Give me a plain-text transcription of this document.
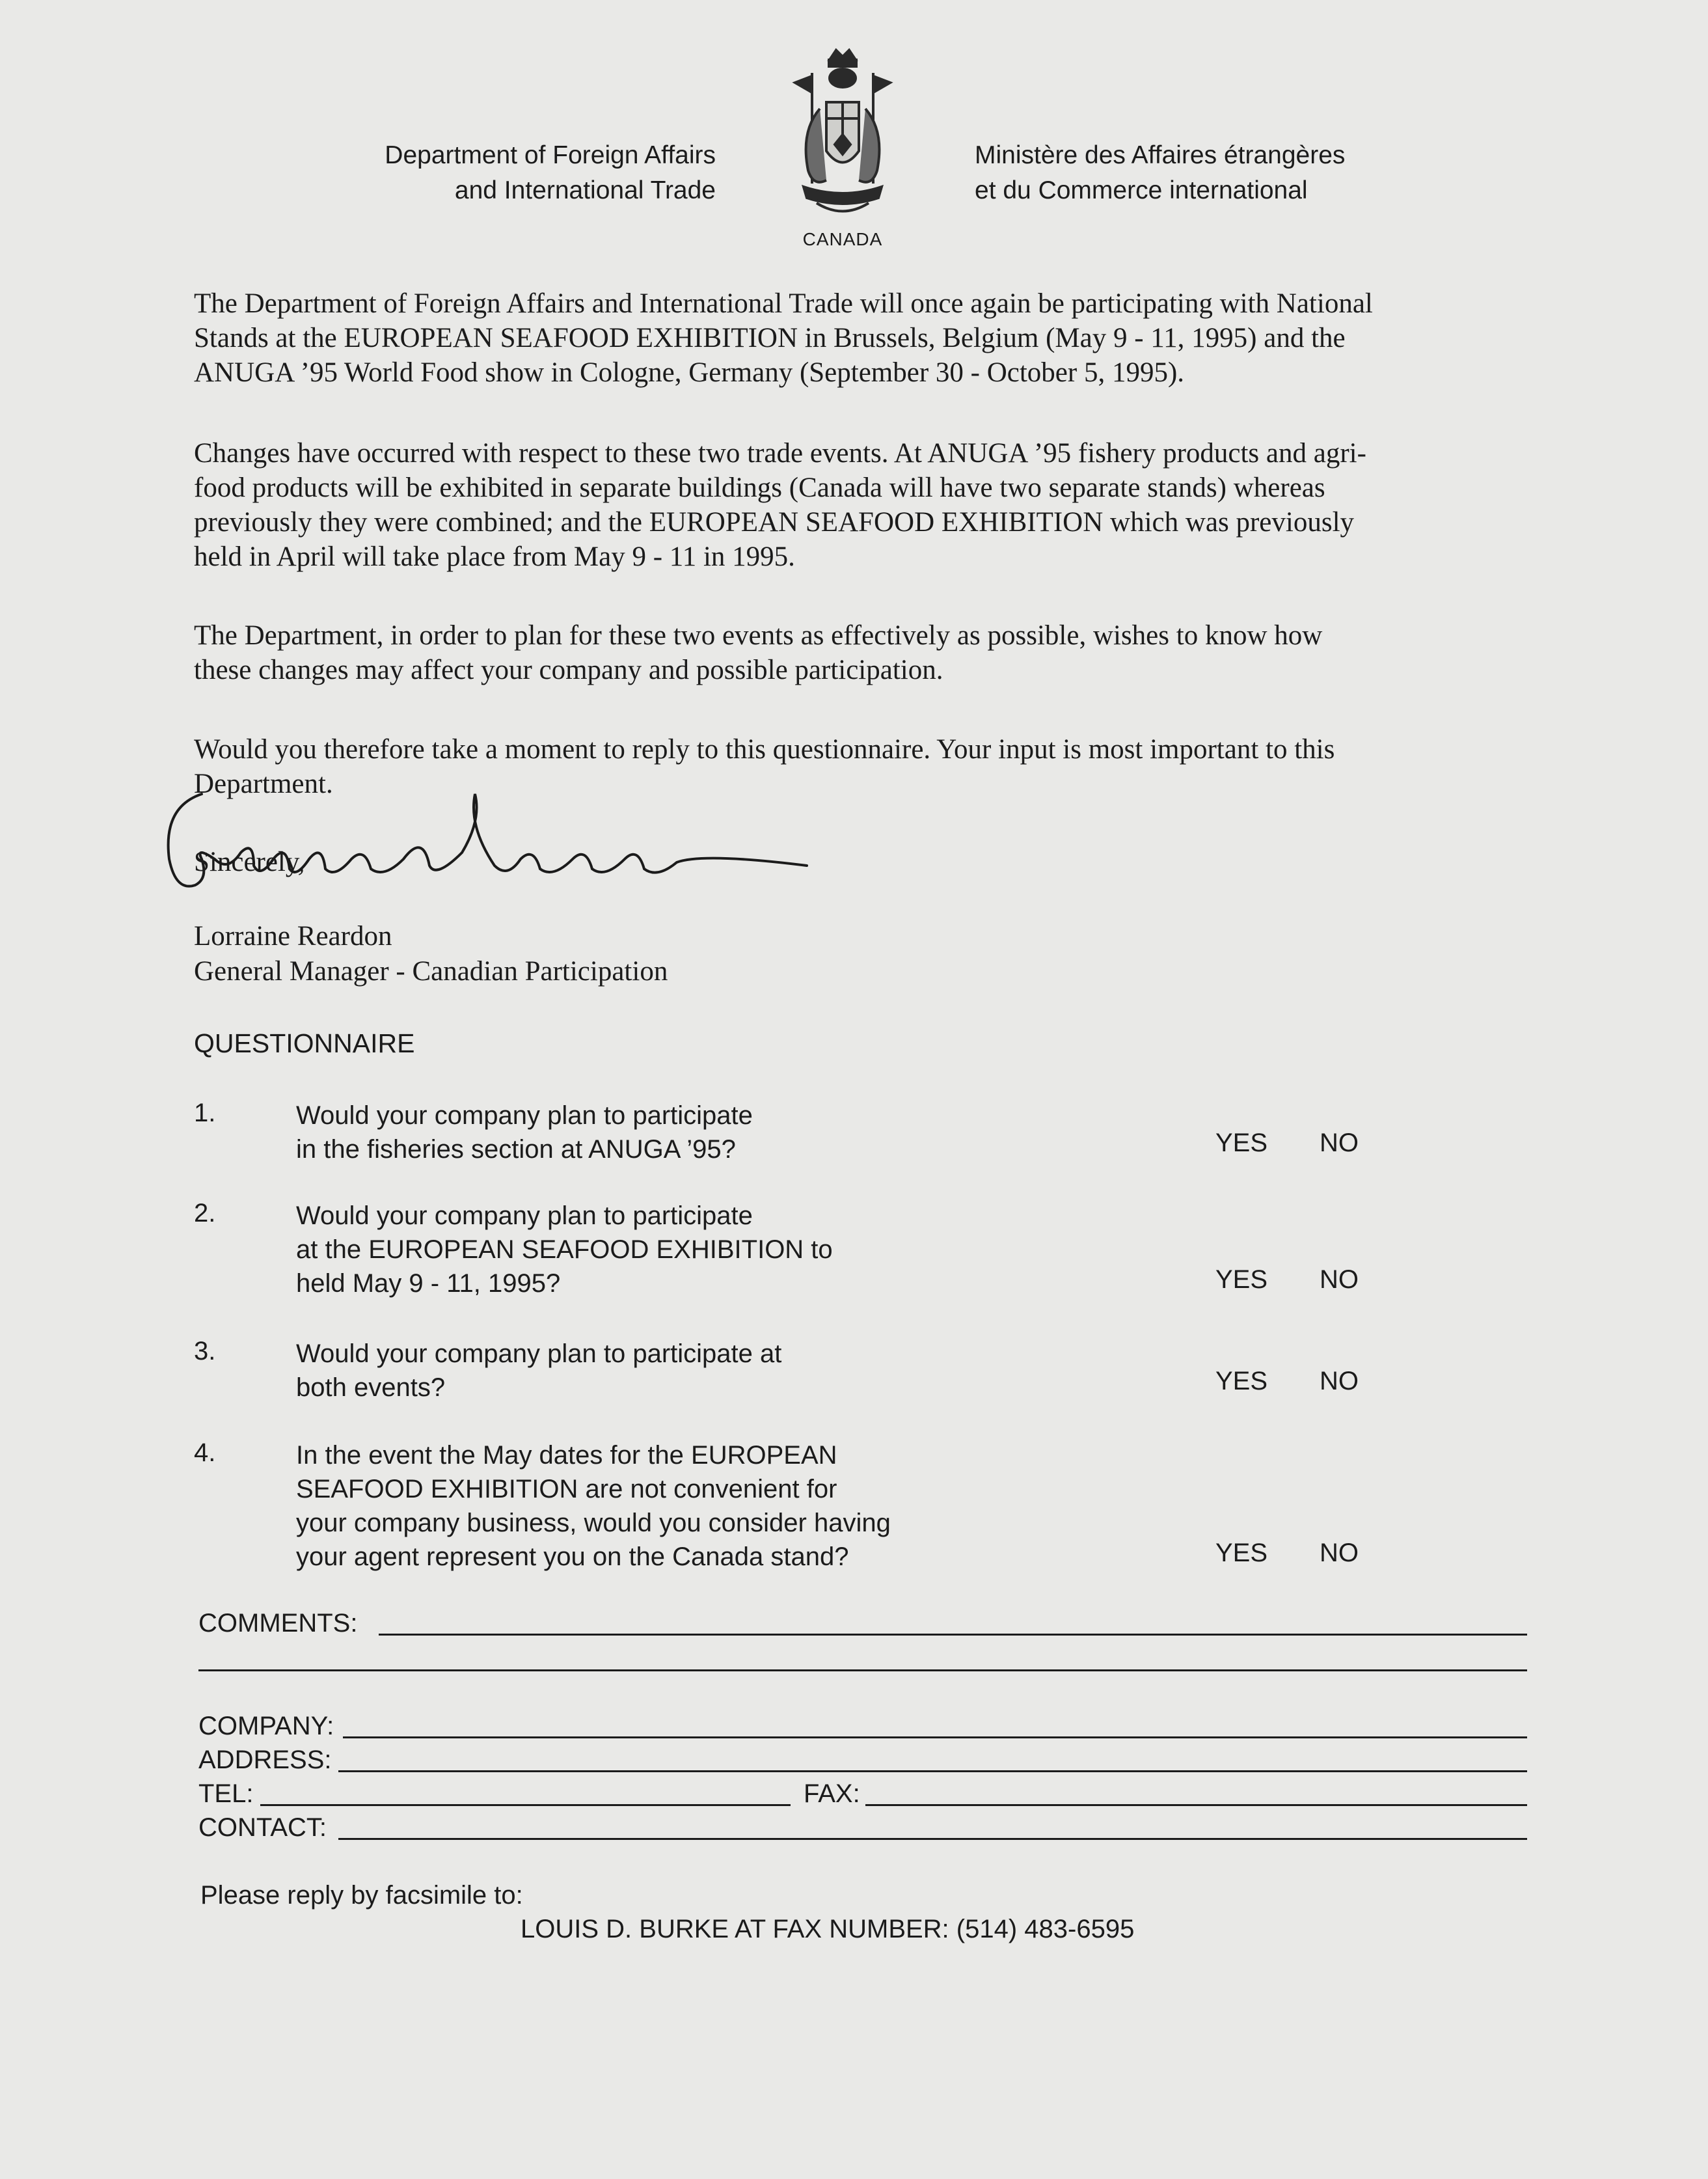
Department of Foreign Affairs
and International Trade
CANADA
Ministère des Affaires étrangères
et du Commerce international
The Department of Foreign Affairs and International Trade will once again be participating with National
Stands at the EUROPEAN SEAFOOD EXHIBITION in Brussels, Belgium (May 9 - 11, 1995) and the
ANUGA ’95 World Food show in Cologne, Germany (September 30 - October 5, 1995).
Changes have occurred with respect to these two trade events. At ANUGA ’95 fishery products and agri-
food products will be exhibited in separate buildings (Canada will have two separate stands) whereas
previously they were combined; and the EUROPEAN SEAFOOD EXHIBITION which was previously
held in April will take place from May 9 - 11 in 1995.
The Department, in order to plan for these two events as effectively as possible, wishes to know how
these changes may affect your company and possible participation.
Would you therefore take a moment to reply to this questionnaire. Your input is most important to this
Department.
Sincerely,
Lorraine Reardon
General Manager - Canadian Participation
QUESTIONNAIRE
1.	Would your company plan to participate
in the fisheries section at ANUGA ’95?	YES NO
2.	Would your company plan to participate
at the EUROPEAN SEAFOOD EXHIBITION to
held May 9 - 11, 1995?	YES NO
3.	Would your company plan to participate at
both events?	YES NO
4.	In the event the May dates for the EUROPEAN
SEAFOOD EXHIBITION are not convenient for
your company business, would you consider having
your agent represent you on the Canada stand?	YES NO
COMMENTS:
COMPANY:
ADDRESS:
TEL:	FAX:
CONTACT:
Please reply by facsimile to:
LOUIS D. BURKE AT FAX NUMBER: (514) 483-6595
